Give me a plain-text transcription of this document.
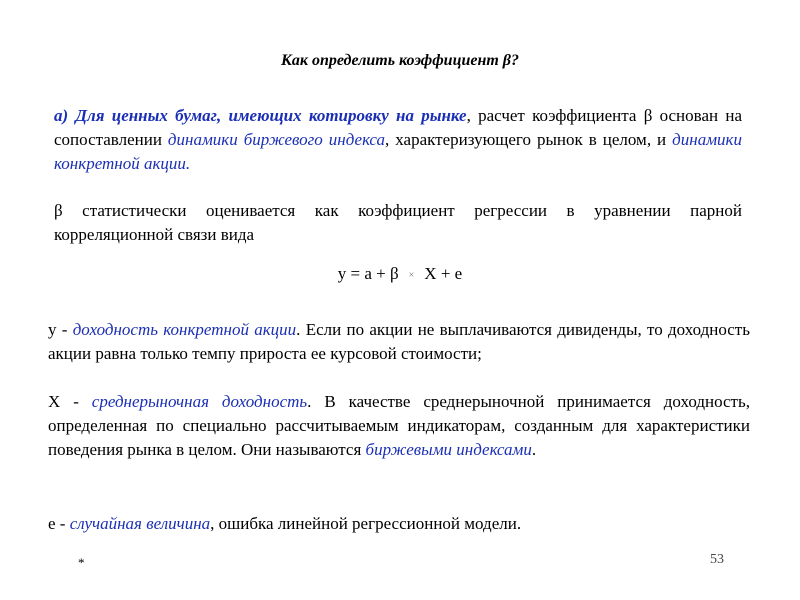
Как определить коэффициент β?
а) Для ценных бумаг, имеющих котировку на рынке, расчет коэффициента β основан на сопоставлении динамики биржевого индекса, характеризующего рынок в целом, и динамики конкретной акции.
β статистически оценивается как коэффициент регрессии в уравнении парной корреляционной связи вида
y = a + β × X + e
y - доходность конкретной акции. Если по акции не выплачиваются дивиденды, то доходность акции равна только темпу прироста ее курсовой стоимости;
X - среднерыночная доходность. В качестве среднерыночной принимается доходность, определенная по специально рассчитываемым индикаторам, созданным для характеристики поведения рынка в целом. Они называются биржевыми индексами.
e - случайная величина, ошибка линейной регрессионной модели.
*	53
